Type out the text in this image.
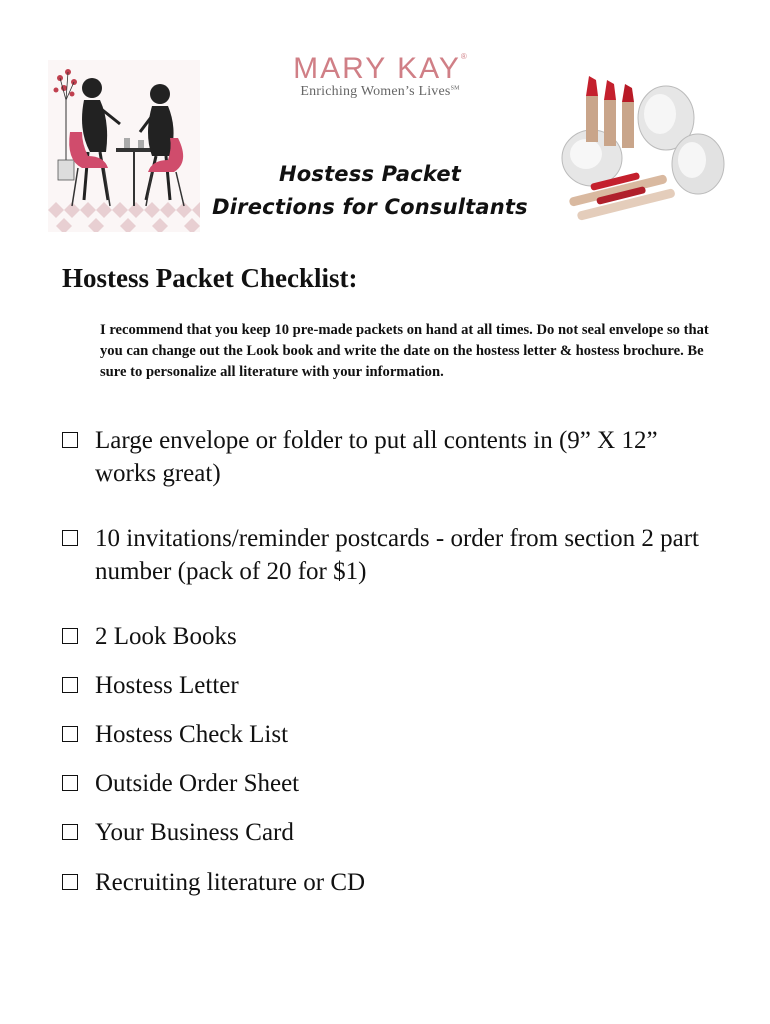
MARY KAY®
Enriching Women’s Lives℠
Hostess Packet
Directions for Consultants
Hostess Packet Checklist:
I recommend that you keep 10 pre-made packets on hand at all times. Do not seal envelope so that you can change out the Look book and write the date on the hostess letter & hostess brochure. Be sure to personalize all literature with your information.
Large envelope or folder to put all contents in (9” X 12” works great)
10 invitations/reminder postcards - order from section 2 part number (pack of 20 for $1)
2 Look Books
Hostess Letter
Hostess Check List
Outside Order Sheet
Your Business Card
Recruiting literature or CD
